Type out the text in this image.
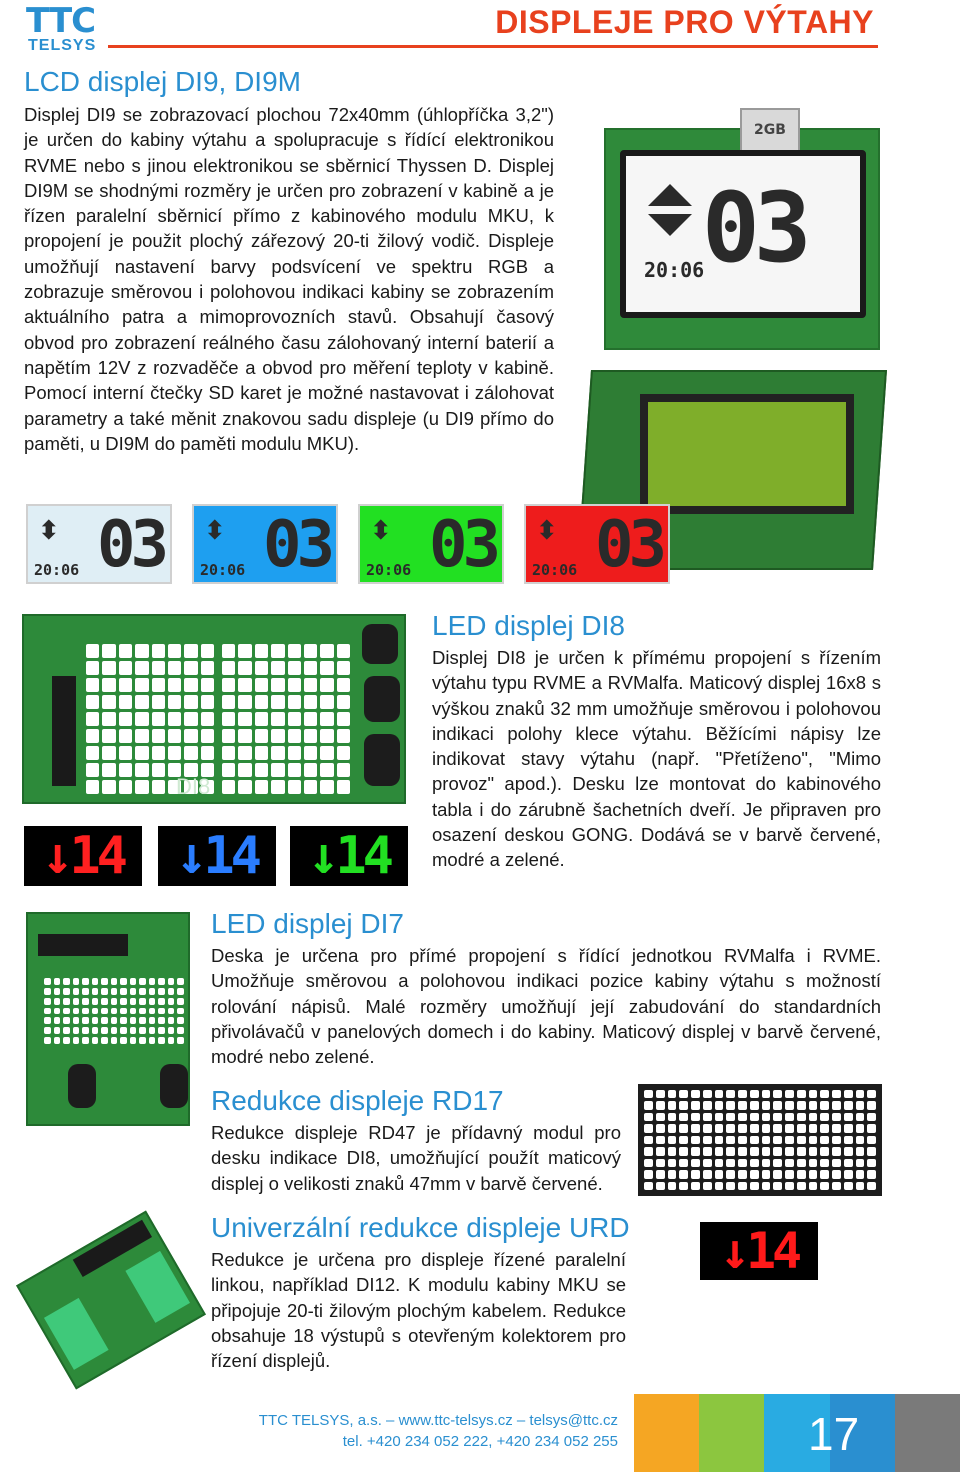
TTC
TELSYS
DISPLEJE PRO VÝTAHY
LCD displej DI9, DI9M
Displej DI9 se zobrazovací plochou 72x40mm (úhlopříčka 3,2") je určen do kabiny výtahu a spolupracuje s řídící elektronikou RVME nebo s jinou elektronikou se sběrnicí Thyssen D. Displej DI9M se shodnými rozměry je určen pro zobrazení v kabině a je řízen paralelní sběrnicí přímo z kabinového modulu MKU, k propojení je použit plochý zářezový 20-ti žilový vodič. Displeje umožňují nastavení barvy podsvícení ve spektru RGB a zobrazuje směrovou i polohovou indikaci kabiny se zobrazením aktuálního patra a mimoprovozních stavů. Obsahují časový obvod pro zobrazení reálného času zálohovaný interní baterií a napětím 12V z rozvaděče a obvod pro měření teploty v kabině. Pomocí interní čtečky SD karet je možné nastavovat i zálohovat parametry a také měnit znakovou sadu displeje (u DI9 přímo do paměti, u DI9M do paměti modulu MKU).
2GB
03
20:06
⬍ 03
20:06
⬍ 03
20:06
⬍ 03
20:06
⬍ 03
20:06
DI8
↓14	↓14 ↓14
LED displej DI8
Displej DI8 je určen k přímému propojení s řízením výtahu typu RVME a RVMalfa. Maticový displej 16x8 s výškou znaků 32 mm umožňuje směrovou i polohovou indikaci polohy klece výtahu. Běžícími nápisy lze indikovat stavy výtahu (např. "Přetíženo", "Mimo provoz" apod.). Desku lze montovat do kabinového tabla i do zárubně šachetních dveří. Je připraven pro osazení deskou GONG. Dodává se v barvě červené, modré a zelené.
LED displej DI7
Deska je určena pro přímé propojení s řídící jednotkou RVMalfa i RVME. Umožňuje směrovou a polohovou indikaci pozice kabiny výtahu s možností rolování nápisů. Malé rozměry umožňují její zabudování do standardních přivolávačů v panelových domech i do kabiny. Maticový displej v barvě červené, modré nebo zelené.
Redukce displeje RD17
Redukce displeje RD47 je přídavný modul pro desku indikace DI8, umožňující použít maticový displej o velikosti znaků 47mm v barvě červené.
↓14
Univerzální redukce displeje URD
Redukce je určena pro displeje řízené paralelní linkou, například DI12. K modulu kabiny MKU se připojuje 20-ti žilovým plochým kabelem. Redukce obsahuje 18 výstupů s otevřeným kolektorem pro řízení displejů.
TTC TELSYS, a.s. – www.ttc-telsys.cz – telsys@ttc.cz
tel. +420 234 052 222, +420 234 052 255	17
